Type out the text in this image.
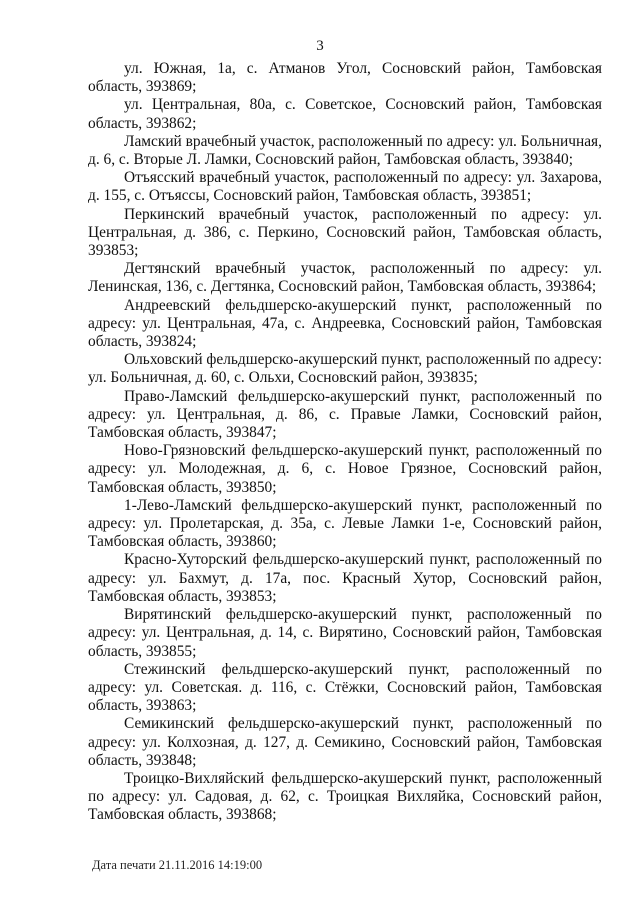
3

ул. Южная, 1а, с. Атманов Угол, Сосновский район, Тамбовская область, 393869;

ул. Центральная, 80а, с. Советское, Сосновский район, Тамбовская область, 393862;

Ламский врачебный участок, расположенный по адресу: ул. Больничная, д. 6, с. Вторые Л. Ламки, Сосновский район, Тамбовская область, 393840;

Отъясский врачебный участок, расположенный по адресу: ул. Захарова, д. 155, с. Отъяссы, Сосновский район, Тамбовская область, 393851;

Перкинский врачебный участок, расположенный по адресу: ул. Центральная, д. 386, с. Перкино, Сосновский район, Тамбовская область, 393853;

Дегтянский врачебный участок, расположенный по адресу: ул. Ленинская, 136, с. Дегтянка, Сосновский район, Тамбовская область, 393864;

Андреевский фельдшерско-акушерский пункт, расположенный по адресу: ул. Центральная, 47а, с. Андреевка, Сосновский район, Тамбовская область, 393824;

Ольховский фельдшерско-акушерский пункт, расположенный по адресу: ул. Больничная, д. 60, с. Ольхи, Сосновский район, 393835;

Право-Ламский фельдшерско-акушерский пункт, расположенный по адресу: ул. Центральная, д. 86, с. Правые Ламки, Сосновский район, Тамбовская область, 393847;

Ново-Грязновский фельдшерско-акушерский пункт, расположенный по адресу: ул. Молодежная, д. 6, с. Новое Грязное, Сосновский район, Тамбовская область, 393850;

1-Лево-Ламский фельдшерско-акушерский пункт, расположенный по адресу: ул. Пролетарская, д. 35а, с. Левые Ламки 1-е, Сосновский район, Тамбовская область, 393860;

Красно-Хуторский фельдшерско-акушерский пункт, расположенный по адресу: ул. Бахмут, д. 17а, пос. Красный Хутор, Сосновский район, Тамбовская область, 393853;

Вирятинский фельдшерско-акушерский пункт, расположенный по адресу: ул. Центральная, д. 14, с. Вирятино, Сосновский район, Тамбовская область, 393855;

Стежинский фельдшерско-акушерский пункт, расположенный по адресу: ул. Советская. д. 116, с. Стёжки, Сосновский район, Тамбовская область, 393863;

Семикинский фельдшерско-акушерский пункт, расположенный по адресу: ул. Колхозная, д. 127, д. Семикино, Сосновский район, Тамбовская область, 393848;

Троицко-Вихляйский фельдшерско-акушерский пункт, расположенный по адресу: ул. Садовая, д. 62, с. Троицкая Вихляйка, Сосновский район, Тамбовская область, 393868;

Дата печати 21.11.2016 14:19:00
